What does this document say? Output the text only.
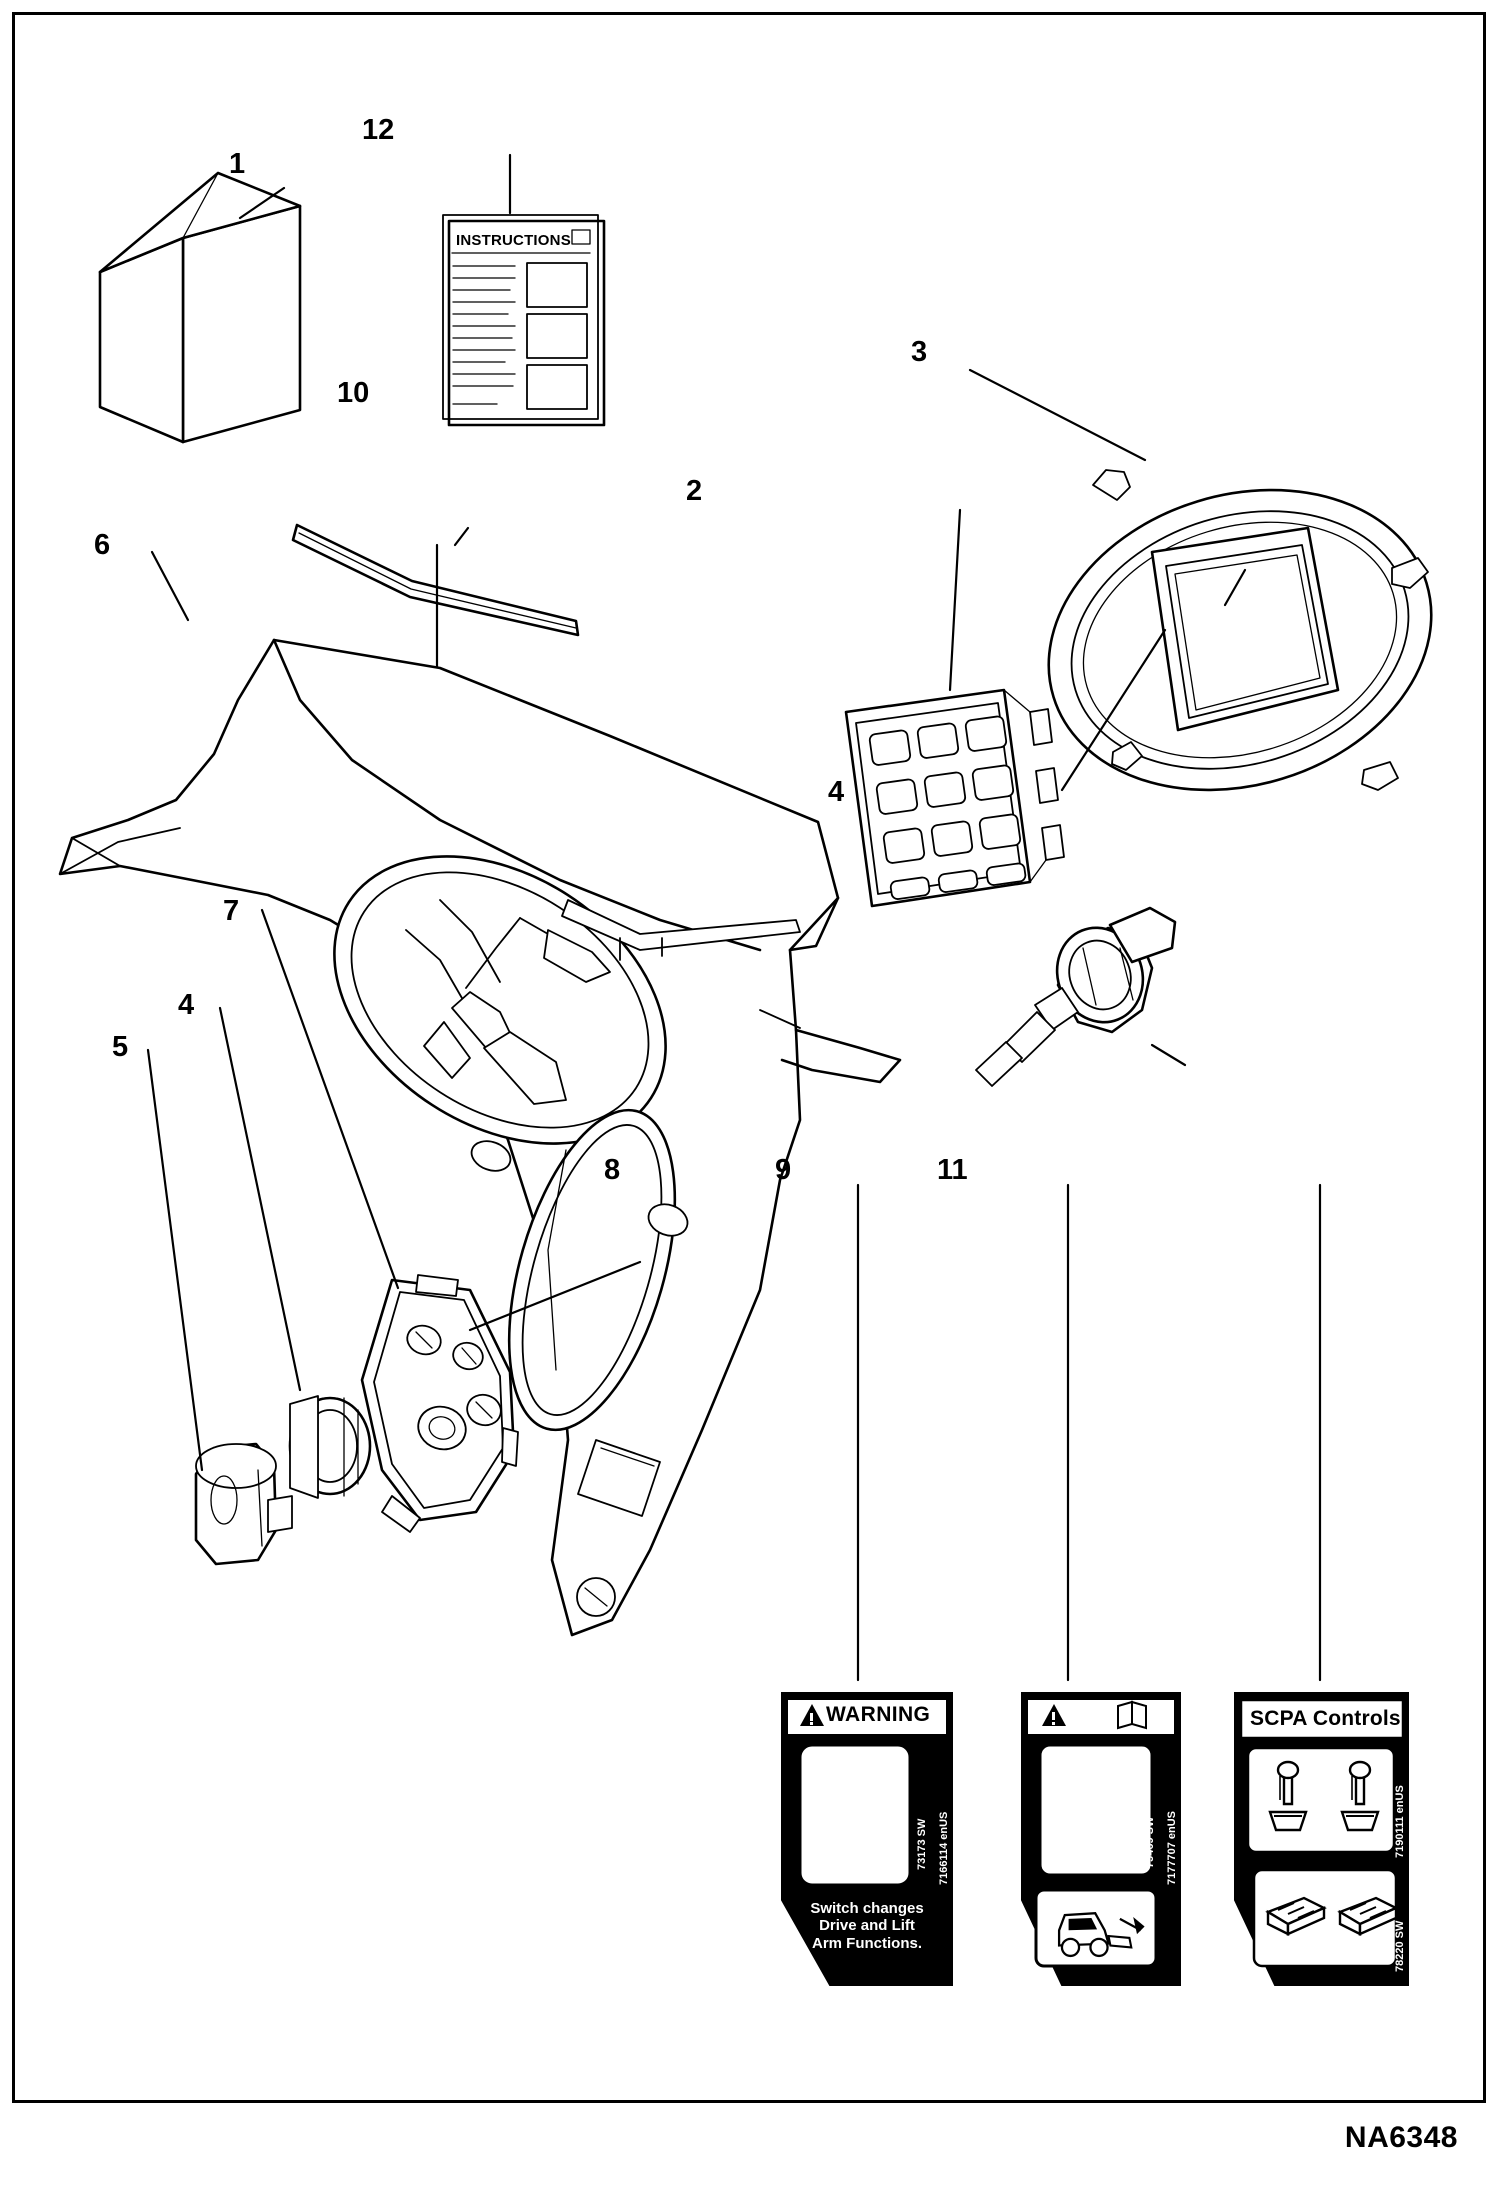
INSTRUCTIONS
WARNING
Switch changes
Drive and Lift
Arm Functions.
7166114 enUS
73173 SW	7177707 enUS
75469 SW
SCPA Controls
7190111 enUS
78220 SW
NA6348
1
2
3
4
4
5
6
7
8	9
10
11
12
